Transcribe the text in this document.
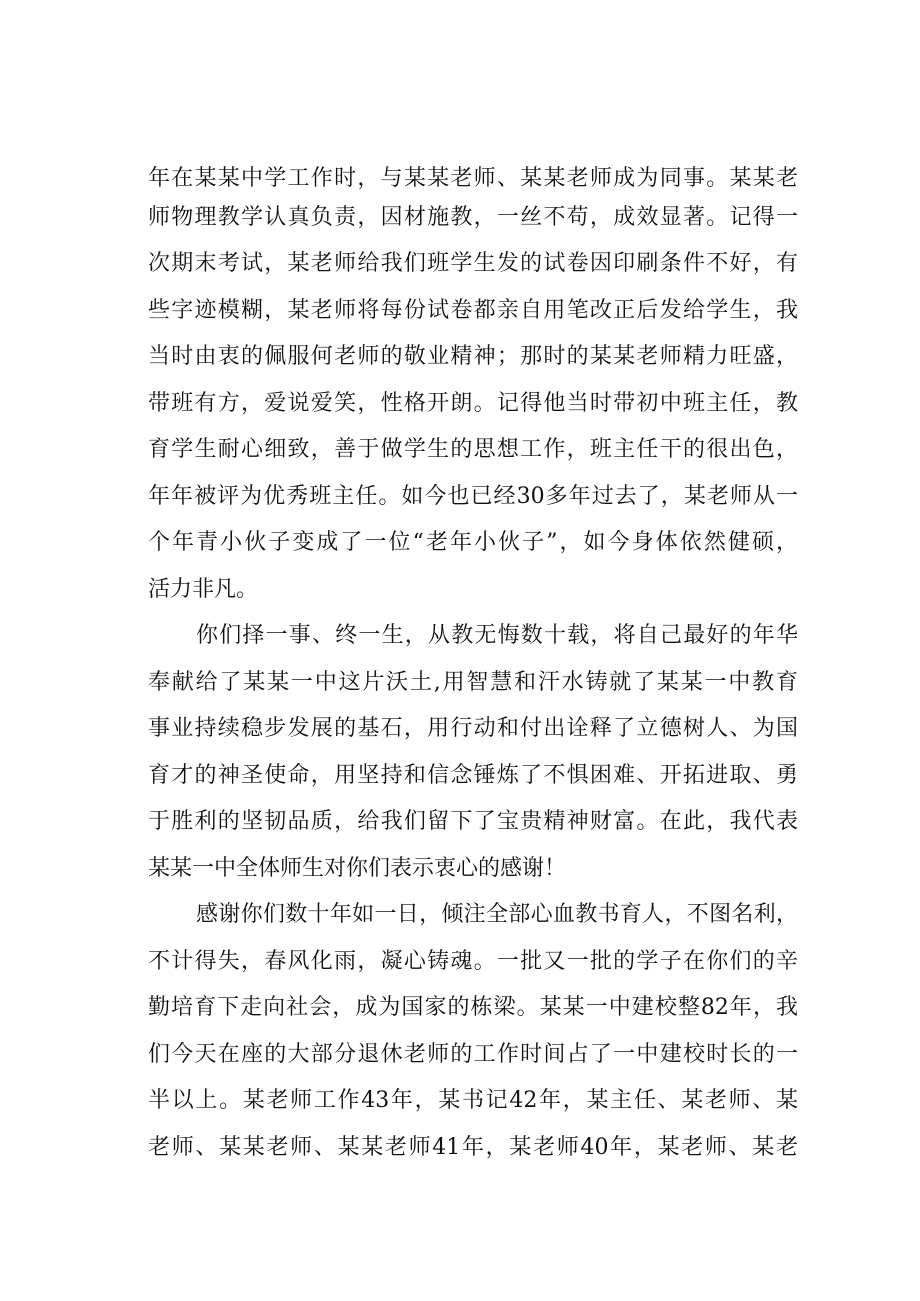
年在某某中学工作时，与某某老师、某某老师成为同事。某某老
师物理教学认真负责，因材施教，一丝不苟，成效显著。记得一
次期末考试，某老师给我们班学生发的试卷因印刷条件不好，有
些字迹模糊，某老师将每份试卷都亲自用笔改正后发给学生，我
当时由衷的佩服何老师的敬业精神；那时的某某老师精力旺盛，
带班有方，爱说爱笑，性格开朗。记得他当时带初中班主任，教
育学生耐心细致，善于做学生的思想工作，班主任干的很出色，
年年被评为优秀班主任。如今也已经30多年过去了，某老师从一
个年青小伙子变成了一位“老年小伙子”，如今身体依然健硕，
活力非凡。
你们择一事、终一生，从教无悔数十载，将自己最好的年华
奉献给了某某一中这片沃土,用智慧和汗水铸就了某某一中教育
事业持续稳步发展的基石，用行动和付出诠释了立德树人、为国
育才的神圣使命，用坚持和信念锤炼了不惧困难、开拓进取、勇
于胜利的坚韧品质，给我们留下了宝贵精神财富。在此，我代表
某某一中全体师生对你们表示衷心的感谢！
感谢你们数十年如一日，倾注全部心血教书育人，不图名利，
不计得失，春风化雨，凝心铸魂。一批又一批的学子在你们的辛
勤培育下走向社会，成为国家的栋梁。某某一中建校整82年，我
们今天在座的大部分退休老师的工作时间占了一中建校时长的一
半以上。某老师工作43年，某书记42年，某主任、某老师、某
老师、某某老师、某某老师41年，某老师40年，某老师、某老
